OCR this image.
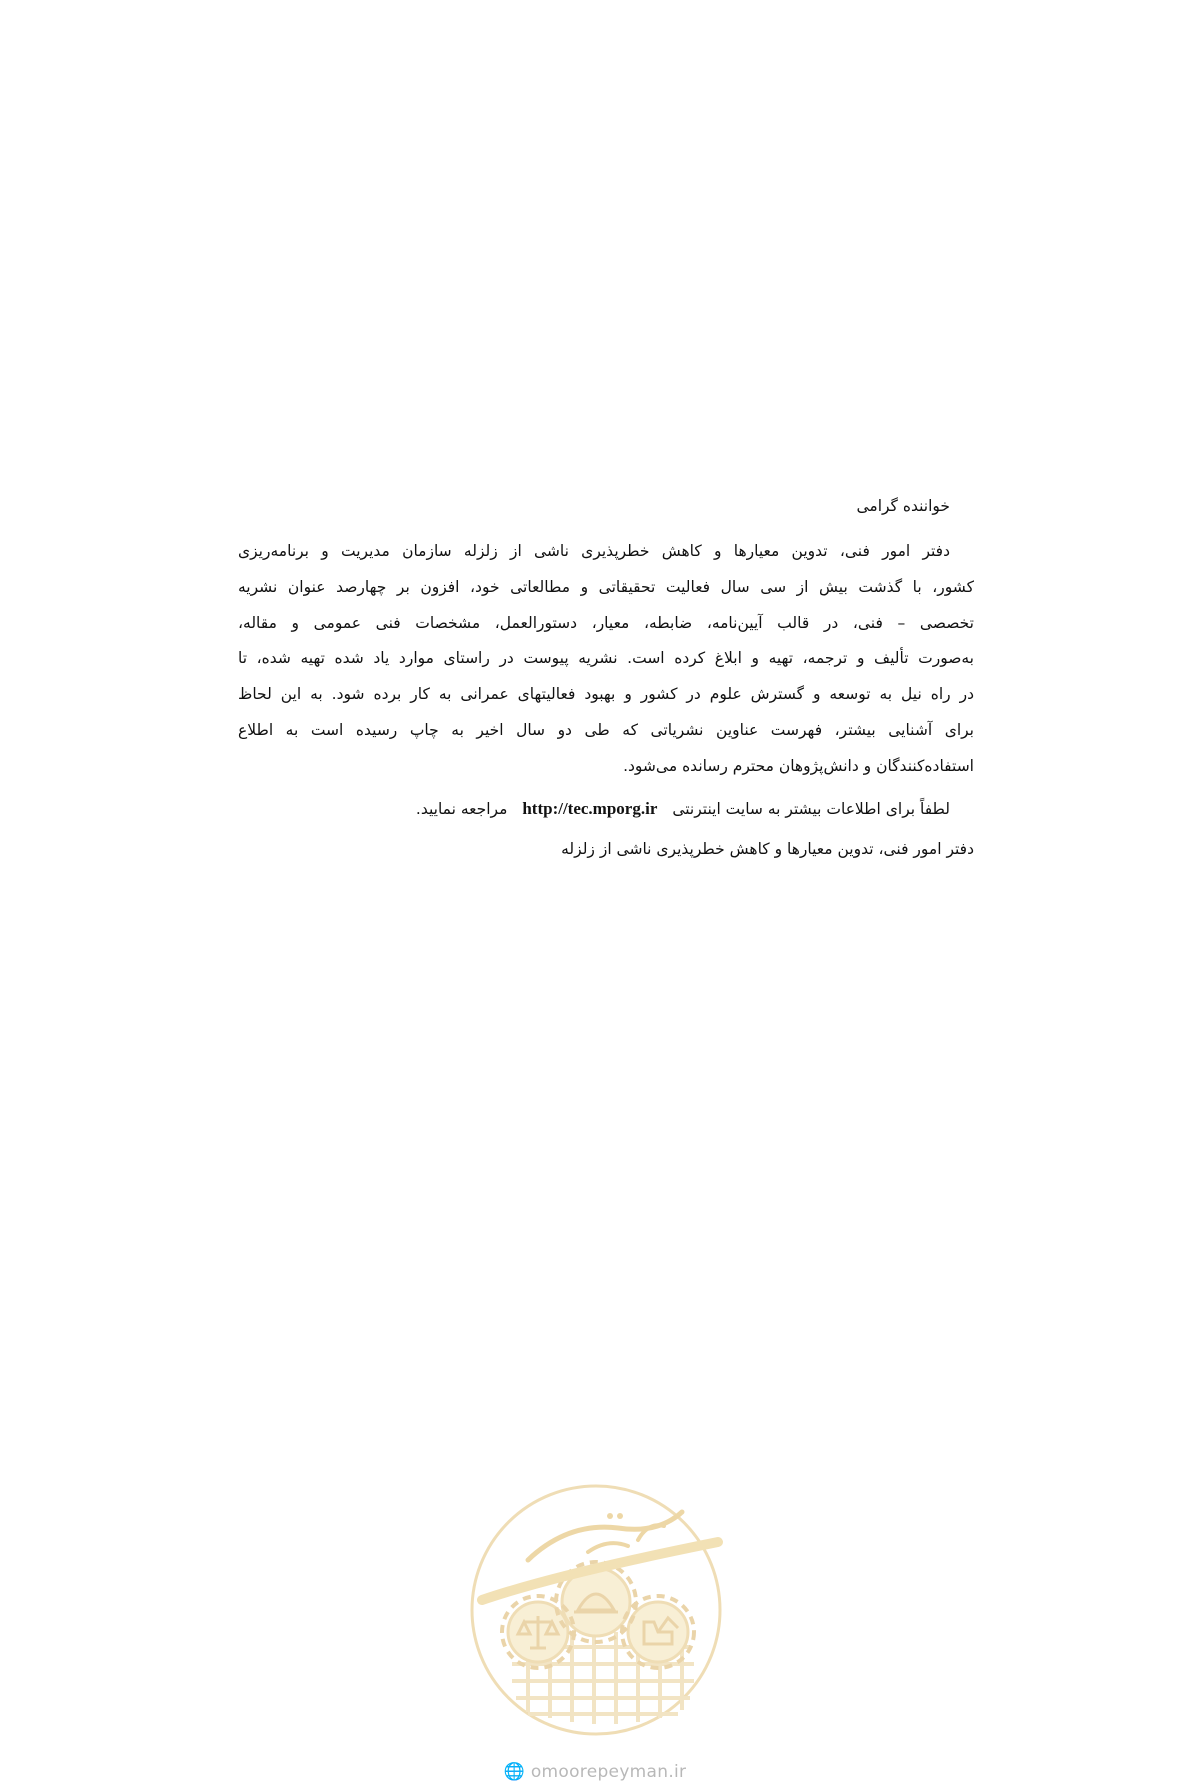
خواننده گرامی
دفتر امور فنی، تدوین معیارها و کاهش خطرپذیری ناشی از زلزله سازمان مدیریت و برنامه‌ریزی
کشور، با گذشت بیش از سی سال فعالیت تحقیقاتی و مطالعاتی خود، افزون بر چهارصد عنوان نشریه
تخصصی – فنی، در قالب آیین‌نامه، ضابطه، معیار، دستورالعمل، مشخصات فنی عمومی و مقاله،
به‌صورت تألیف و ترجمه، تهیه و ابلاغ کرده است. نشریه پیوست در راستای موارد یاد شده تهیه شده، تا
در راه نیل به توسعه و گسترش علوم در کشور و بهبود فعالیتهای عمرانی به کار برده شود. به این لحاظ
برای آشنایی بیشتر، فهرست عناوین نشریاتی که طی دو سال اخیر به چاپ رسیده است به اطلاع
استفاده‌کنندگان و دانش‌پژوهان محترم رسانده می‌شود.
لطفاً برای اطلاعات بیشتر به سایت اینترنتی http://tec.mporg.ir مراجعه نمایید.
دفتر امور فنی، تدوین معیارها و کاهش خطرپذیری ناشی از زلزله
🌐 omoorepeyman.ir
